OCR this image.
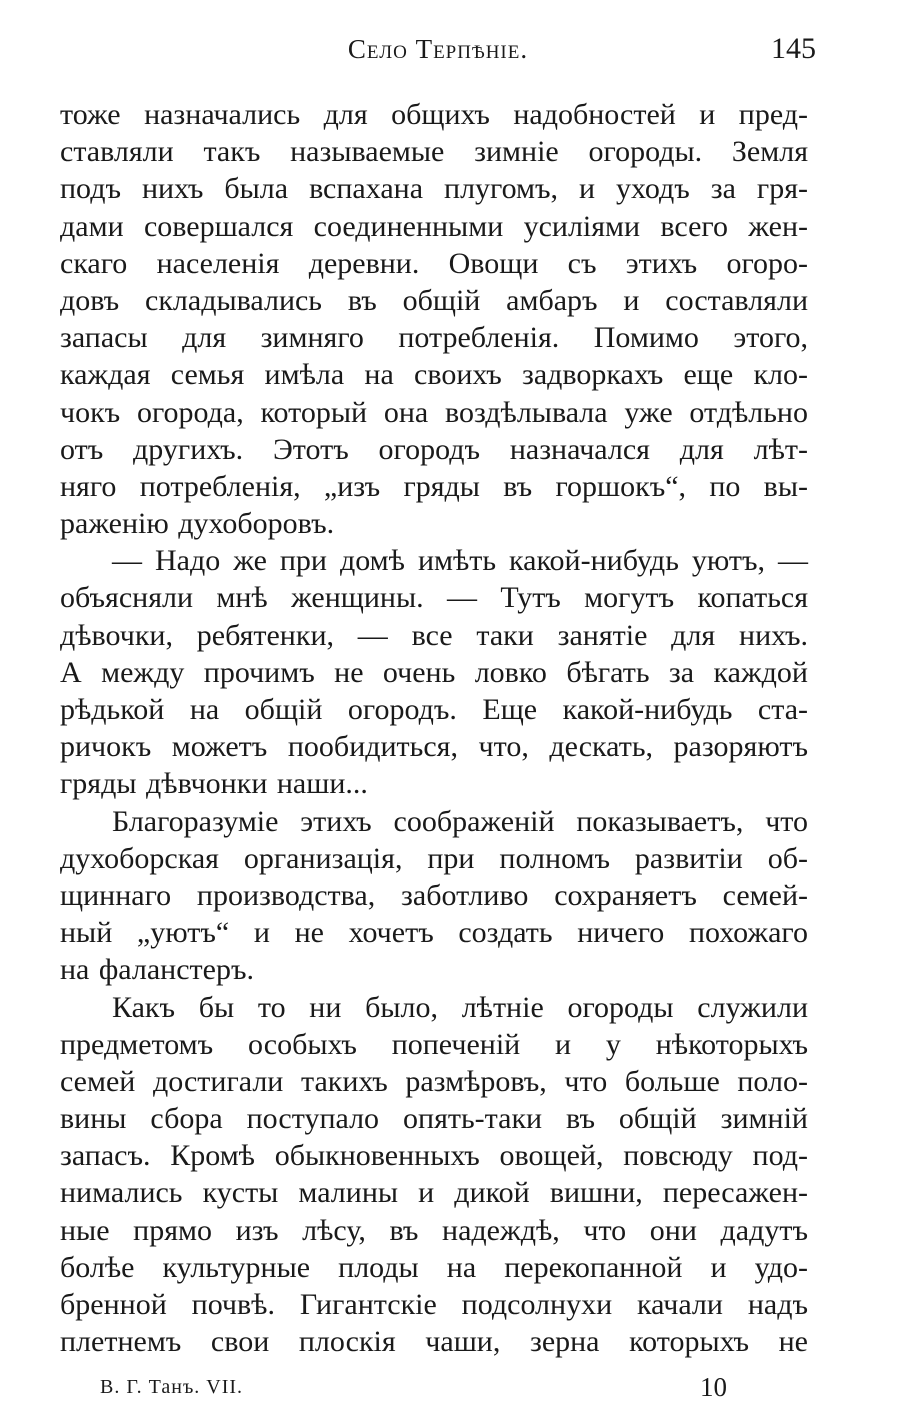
Село Терпѣніе.	145
тоже назначались для общихъ надобностей и пред-
ставляли такъ называемые зимніе огороды. Земля
подъ нихъ была вспахана плугомъ, и уходъ за гря-
дами совершался соединенными усиліями всего жен-
скаго населенія деревни. Овощи съ этихъ огоро-
довъ складывались въ общій амбаръ и составляли
запасы для зимняго потребленія. Помимо этого,
каждая семья имѣла на своихъ задворкахъ еще кло-
чокъ огорода, который она воздѣлывала уже отдѣльно
отъ другихъ. Этотъ огородъ назначался для лѣт-
няго потребленія, „изъ гряды въ горшокъ“, по вы-
раженію духоборовъ.
— Надо же при домѣ имѣть какой-нибудь уютъ, —
объясняли мнѣ женщины. — Тутъ могутъ копаться
дѣвочки, ребятенки, — все таки занятіе для нихъ.
А между прочимъ не очень ловко бѣгать за каждой
рѣдькой на общій огородъ. Еще какой-нибудь ста-
ричокъ можетъ пообидиться, что, дескать, разоряютъ
гряды дѣвчонки наши...
Благоразуміе этихъ соображеній показываетъ, что
духоборская организація, при полномъ развитіи об-
щиннаго производства, заботливо сохраняетъ семей-
ный „уютъ“ и не хочетъ создать ничего похожаго
на фаланстеръ.
Какъ бы то ни было, лѣтніе огороды служили
предметомъ особыхъ попеченій и у нѣкоторыхъ
семей достигали такихъ размѣровъ, что больше поло-
вины сбора поступало опять-таки въ общій зимній
запасъ. Кромѣ обыкновенныхъ овощей, повсюду под-
нимались кусты малины и дикой вишни, пересажен-
ные прямо изъ лѣсу, въ надеждѣ, что они дадутъ
болѣе культурные плоды на перекопанной и удо-
бренной почвѣ. Гигантскіе подсолнухи качали надъ
плетнемъ свои плоскія чаши, зерна которыхъ не
В. Г. Танъ. VII.	10
